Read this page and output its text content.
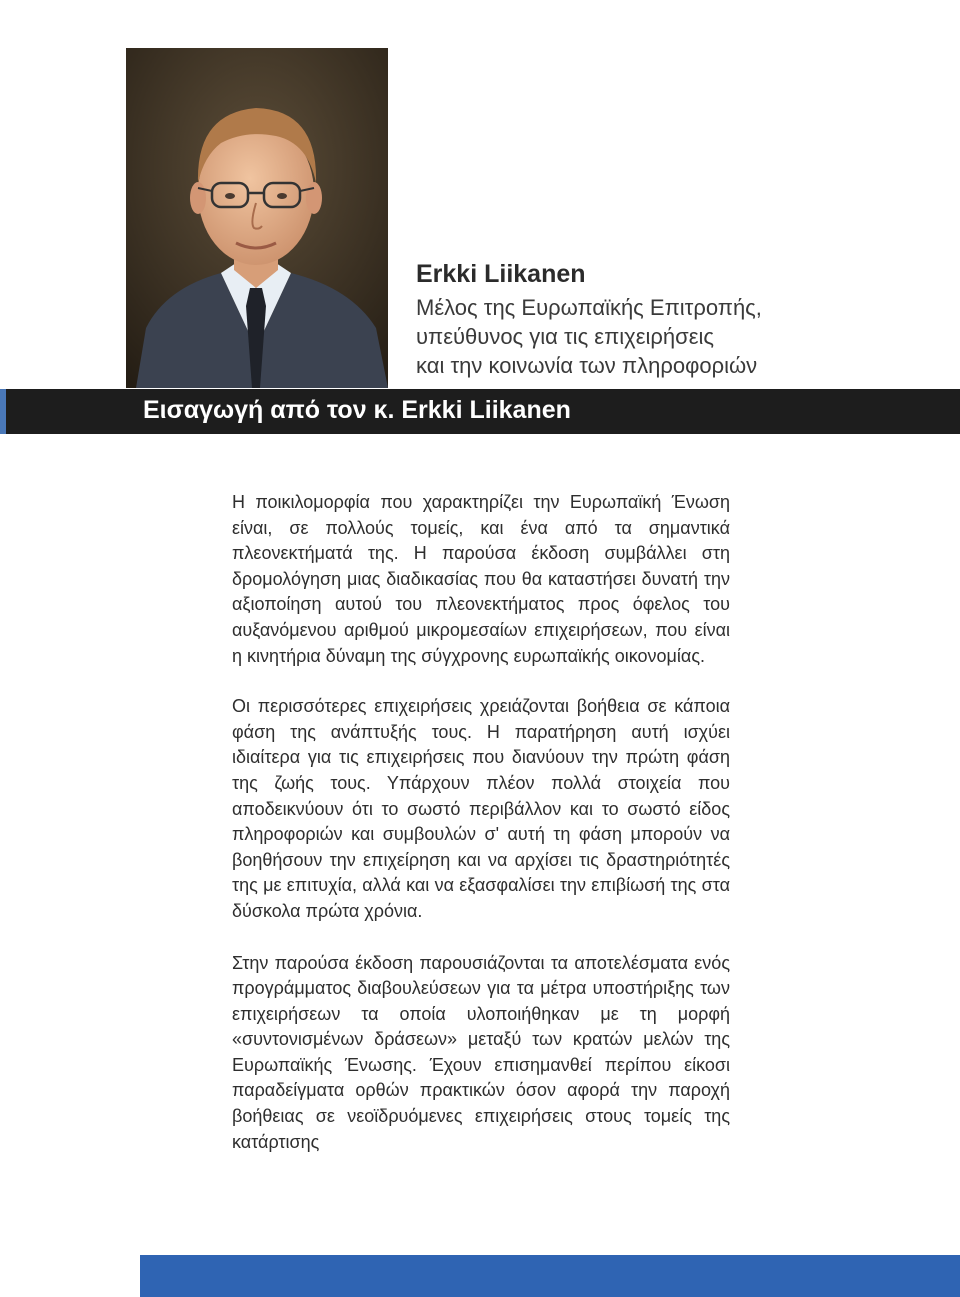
Erkki Liikanen
Μέλος της Ευρωπαϊκής Επιτροπής,
υπεύθυνος για τις επιχειρήσεις
και την κοινωνία των πληροφοριών
Εισαγωγή από τον κ. Erkki Liikanen

Η ποικιλομορφία που χαρακτηρίζει την Ευρωπαϊκή Ένωση είναι, σε πολλούς τομείς, και ένα από τα σημαντικά πλεονεκτήματά της. Η παρούσα έκδοση συμβάλλει στη δρομολόγηση μιας διαδικασίας που θα καταστήσει δυνατή την αξιοποίηση αυτού του πλεονεκτήματος προς όφελος του αυξανόμενου αριθμού μικρομεσαίων επιχειρήσεων, που είναι η κινητήρια δύναμη της σύγχρονης ευρωπαϊκής οικονομίας.

Οι περισσότερες επιχειρήσεις χρειάζονται βοήθεια σε κάποια φάση της ανάπτυξής τους. Η παρατήρηση αυτή ισχύει ιδιαίτερα για τις επιχειρήσεις που διανύουν την πρώτη φάση της ζωής τους. Υπάρχουν πλέον πολλά στοιχεία που αποδεικνύουν ότι το σωστό περιβάλλον και το σωστό είδος πληροφοριών και συμβουλών σ' αυτή τη φάση μπορούν να βοηθήσουν την επιχείρηση και να αρχίσει τις δραστηριότητές της με επιτυχία, αλλά και να εξασφαλίσει την επιβίωσή της στα δύσκολα πρώτα χρόνια.

Στην παρούσα έκδοση παρουσιάζονται τα αποτελέσματα ενός προγράμματος διαβουλεύσεων για τα μέτρα υποστήριξης των επιχειρήσεων τα οποία υλοποιήθηκαν με τη μορφή «συντονισμένων δράσεων» μεταξύ των κρατών μελών της Ευρωπαϊκής Ένωσης. Έχουν επισημανθεί περίπου είκοσι παραδείγματα ορθών πρακτικών όσον αφορά την παροχή βοήθειας σε νεοϊδρυόμενες επιχειρήσεις στους τομείς της κατάρτισης
